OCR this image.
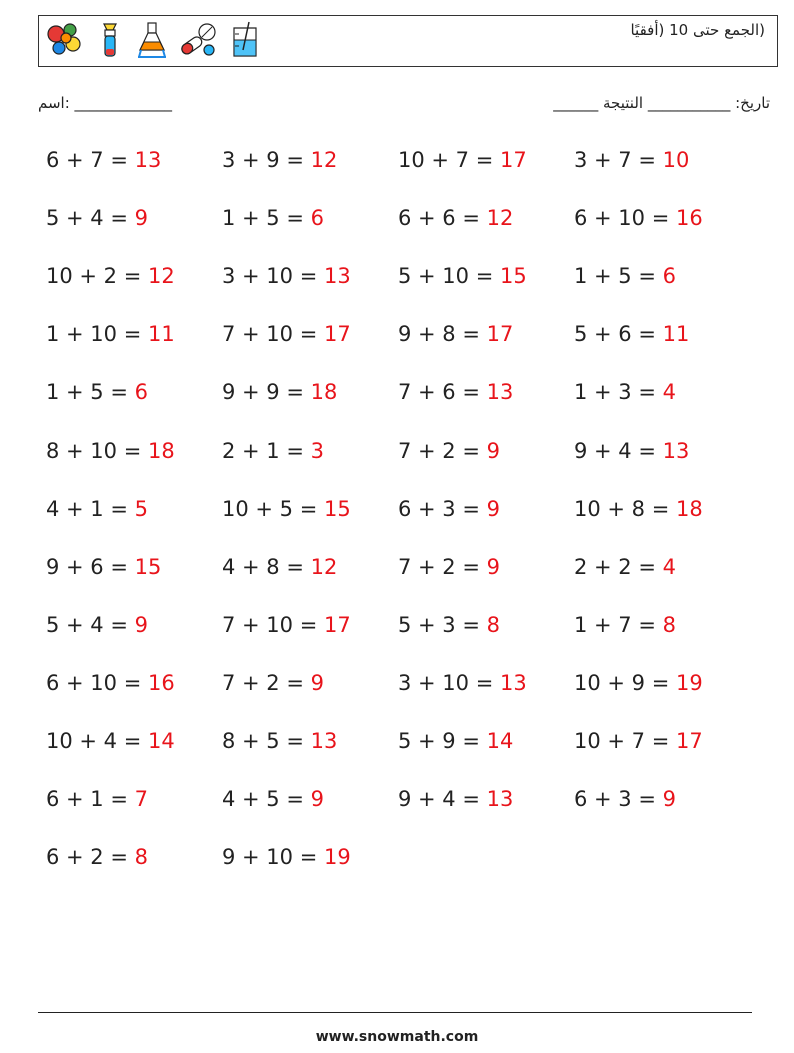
(الجمع حتى 10 (أفقيًا
اسم: _____________	تاريخ: ___________ النتيجة ______
6 + 7 = 13	3 + 9 = 12	10 + 7 = 17 3 + 7 = 10
5 + 4 = 9	1 + 5 = 6	6 + 6 = 12	6 + 10 = 16
10 + 2 = 12 3 + 10 = 13 5 + 10 = 15 1 + 5 = 6
1 + 10 = 11 7 + 10 = 17 9 + 8 = 17	5 + 6 = 11
1 + 5 = 6	9 + 9 = 18	7 + 6 = 13	1 + 3 = 4
8 + 10 = 18 2 + 1 = 3	7 + 2 = 9	9 + 4 = 13
4 + 1 = 5	10 + 5 = 15 6 + 3 = 9	10 + 8 = 18
9 + 6 = 15	4 + 8 = 12	7 + 2 = 9	2 + 2 = 4
5 + 4 = 9	7 + 10 = 17 5 + 3 = 8	1 + 7 = 8
6 + 10 = 16 7 + 2 = 9	3 + 10 = 13 10 + 9 = 19
10 + 4 = 14 8 + 5 = 13	5 + 9 = 14	10 + 7 = 17
6 + 1 = 7	4 + 5 = 9	9 + 4 = 13	6 + 3 = 9
6 + 2 = 8	9 + 10 = 19
www.snowmath.com
